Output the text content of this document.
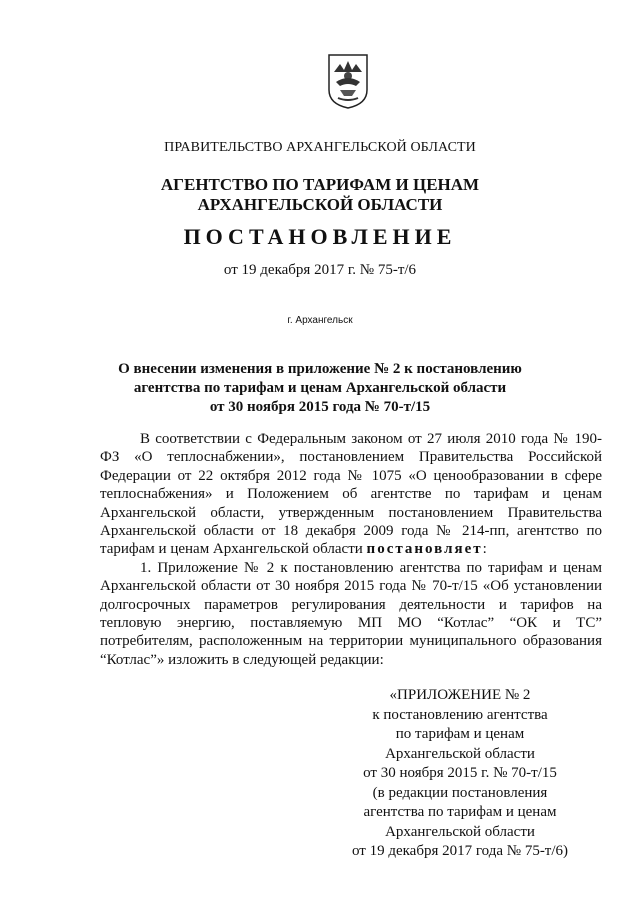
ПРАВИТЕЛЬСТВО АРХАНГЕЛЬСКОЙ ОБЛАСТИ
АГЕНТСТВО ПО ТАРИФАМ И ЦЕНАМ
АРХАНГЕЛЬСКОЙ ОБЛАСТИ
ПОСТАНОВЛЕНИЕ
от 19 декабря 2017 г. № 75-т/6
г. Архангельск
О внесении изменения в приложение № 2 к постановлению
агентства по тарифам и ценам Архангельской области
от 30 ноября 2015 года № 70-т/15

В соответствии с Федеральным законом от 27 июля 2010 года № 190-ФЗ «О теплоснабжении», постановлением Правительства Российской Федерации от 22 октября 2012 года № 1075 «О ценообразовании в сфере теплоснабжения» и Положением об агентстве по тарифам и ценам Архангельской области, утвержденным постановлением Правительства Архангельской области от 18 декабря 2009 года № 214-пп, агентство по тарифам и ценам Архангельской области постановляет:

1. Приложение № 2 к постановлению агентства по тарифам и ценам Архангельской области от 30 ноября 2015 года № 70-т/15 «Об установлении долгосрочных параметров регулирования деятельности и тарифов на тепловую энергию, поставляемую МП МО “Котлас” “ОК и ТС” потребителям, расположенным на территории муниципального образования “Котлас”» изложить в следующей редакции:

«ПРИЛОЖЕНИЕ № 2
к постановлению агентства
по тарифам и ценам
Архангельской области
от 30 ноября 2015 г. № 70-т/15
(в редакции постановления
агентства по тарифам и ценам
Архангельской области
от 19 декабря 2017 года № 75-т/6)
